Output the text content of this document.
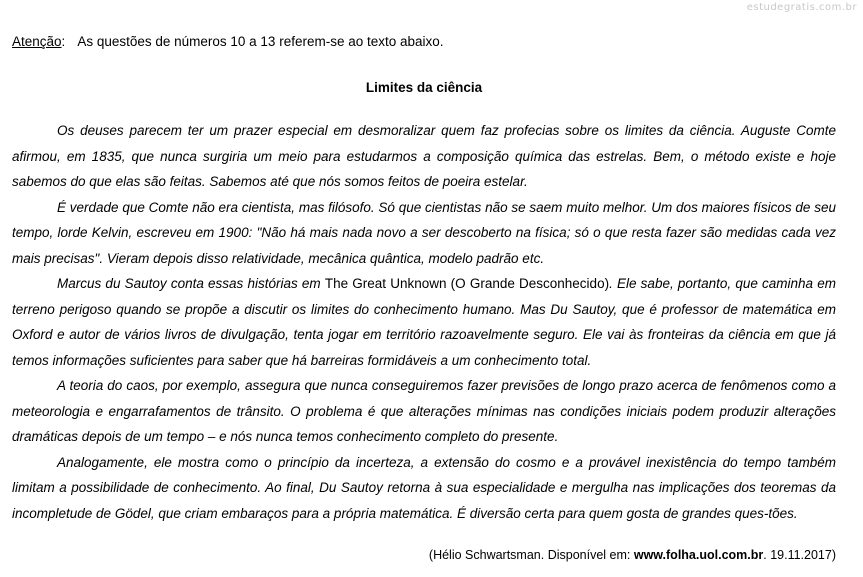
estudegratis.com.br
Atenção: As questões de números 10 a 13 referem-se ao texto abaixo.
Limites da ciência

Os deuses parecem ter um prazer especial em desmoralizar quem faz profecias sobre os limites da ciência. Auguste Comte afirmou, em 1835, que nunca surgiria um meio para estudarmos a composição química das estrelas. Bem, o método existe e hoje sabemos do que elas são feitas. Sabemos até que nós somos feitos de poeira estelar.

É verdade que Comte não era cientista, mas filósofo. Só que cientistas não se saem muito melhor. Um dos maiores físicos de seu tempo, lorde Kelvin, escreveu em 1900: "Não há mais nada novo a ser descoberto na física; só o que resta fazer são medidas cada vez mais precisas". Vieram depois disso relatividade, mecânica quântica, modelo padrão etc.

Marcus du Sautoy conta essas histórias em The Great Unknown (O Grande Desconhecido). Ele sabe, portanto, que caminha em terreno perigoso quando se propõe a discutir os limites do conhecimento humano. Mas Du Sautoy, que é professor de matemática em Oxford e autor de vários livros de divulgação, tenta jogar em território razoavelmente seguro. Ele vai às fronteiras da ciência em que já temos informações suficientes para saber que há barreiras formidáveis a um conhecimento total.

A teoria do caos, por exemplo, assegura que nunca conseguiremos fazer previsões de longo prazo acerca de fenômenos como a meteorologia e engarrafamentos de trânsito. O problema é que alterações mínimas nas condições iniciais podem produzir alterações dramáticas depois de um tempo – e nós nunca temos conhecimento completo do presente.

Analogamente, ele mostra como o princípio da incerteza, a extensão do cosmo e a provável inexistência do tempo também limitam a possibilidade de conhecimento. Ao final, Du Sautoy retorna à sua especialidade e mergulha nas implicações dos teoremas da incompletude de Gödel, que criam embaraços para a própria matemática. É diversão certa para quem gosta de grandes ques-tões.

(Hélio Schwartsman. Disponível em: www.folha.uol.com.br. 19.11.2017)
